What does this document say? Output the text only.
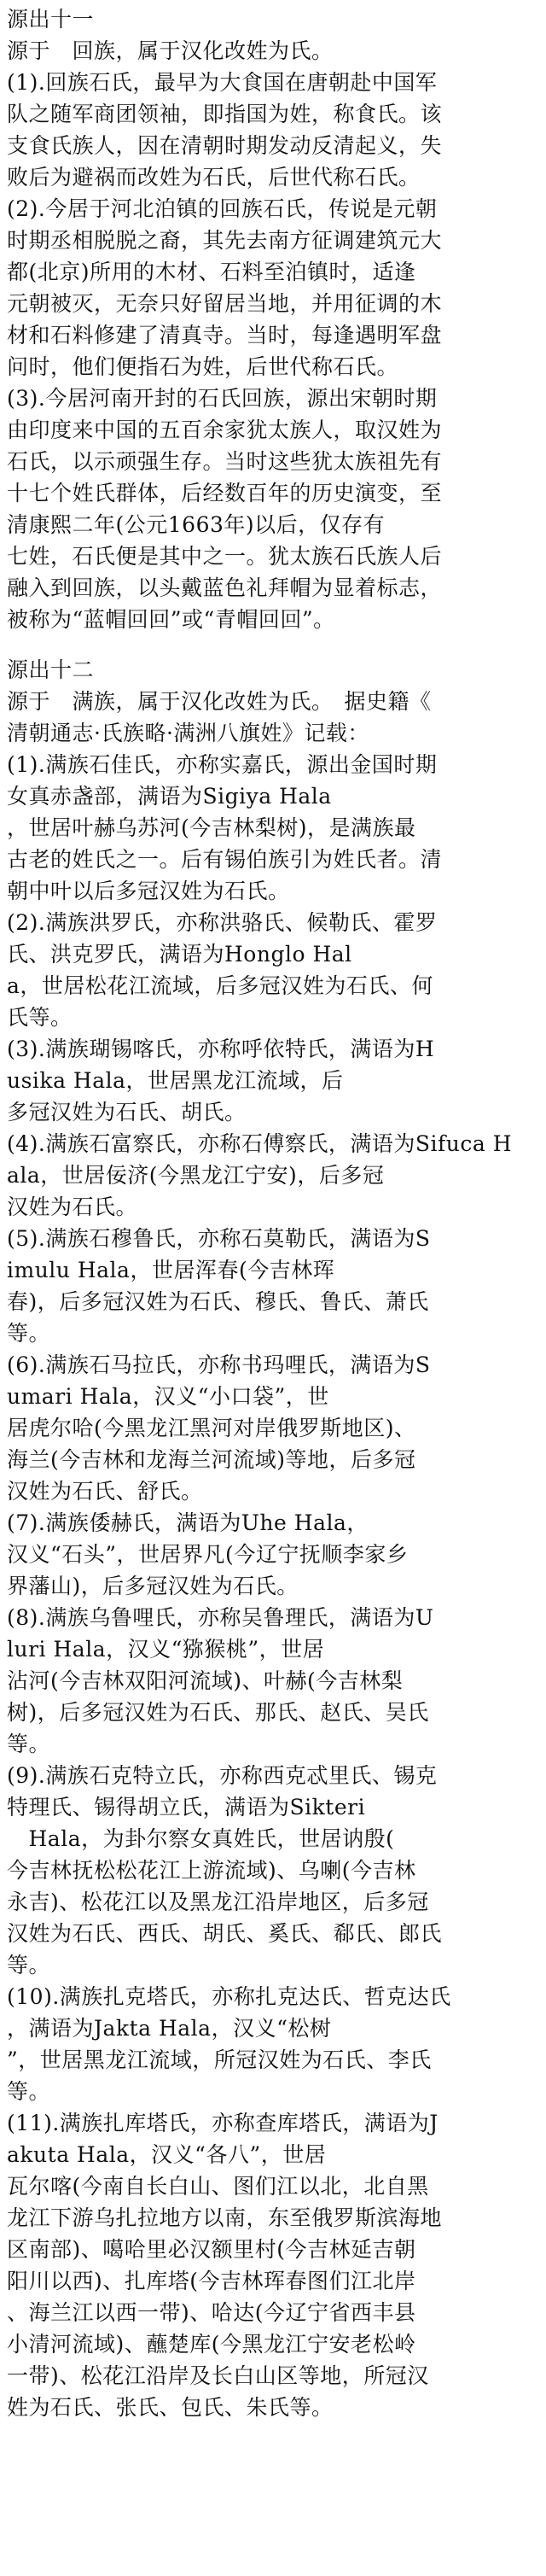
源出十一
源于　回族，属于汉化改姓为氏。
(1).回族石氏，最早为大食国在唐朝赴中国军
队之随军商团领袖，即指国为姓，称食氏。该
支食氏族人，因在清朝时期发动反清起义，失
败后为避祸而改姓为石氏，后世代称石氏。
(2).今居于河北泊镇的回族石氏，传说是元朝
时期丞相脱脱之裔，其先去南方征调建筑元大
都(北京)所用的木材、石料至泊镇时，适逢
元朝被灭，无奈只好留居当地，并用征调的木
材和石料修建了清真寺。当时，每逢遇明军盘
问时，他们便指石为姓，后世代称石氏。
(3).今居河南开封的石氏回族，源出宋朝时期
由印度来中国的五百余家犹太族人，取汉姓为
石氏，以示顽强生存。当时这些犹太族祖先有
十七个姓氏群体，后经数百年的历史演变，至
清康熙二年(公元1663年)以后，仅存有
七姓，石氏便是其中之一。犹太族石氏族人后
融入到回族，以头戴蓝色礼拜帽为显着标志，
被称为“蓝帽回回”或“青帽回回”。
源出十二
源于　满族，属于汉化改姓为氏。　据史籍《
清朝通志·氏族略·满洲八旗姓》记载：
(1).满族石佳氏，亦称实嘉氏，源出金国时期
女真赤盏部，满语为Sigiya Hala
，世居叶赫乌苏河(今吉林梨树)，是满族最
古老的姓氏之一。后有锡伯族引为姓氏者。清
朝中叶以后多冠汉姓为石氏。
(2).满族洪罗氏，亦称洪骆氏、候勒氏、霍罗
氏、洪克罗氏，满语为Honglo Hal
a，世居松花江流域，后多冠汉姓为石氏、何
氏等。
(3).满族瑚锡喀氏，亦称呼依特氏，满语为H
usika Hala，世居黑龙江流域，后
多冠汉姓为石氏、胡氏。
(4).满族石富察氏，亦称石傅察氏，满语为Sifuca H
ala，世居佞济(今黑龙江宁安)，后多冠
汉姓为石氏。
(5).满族石穆鲁氏，亦称石莫勒氏，满语为S
imulu Hala，世居浑春(今吉林珲
春)，后多冠汉姓为石氏、穆氏、鲁氏、萧氏
等。
(6).满族石马拉氏，亦称书玛哩氏，满语为S
umari Hala，汉义“小口袋”，世
居虎尔哈(今黑龙江黑河对岸俄罗斯地区)、
海兰(今吉林和龙海兰河流域)等地，后多冠
汉姓为石氏、舒氏。
(7).满族倭赫氏，满语为Uhe Hala，
汉义“石头”，世居界凡(今辽宁抚顺李家乡
界藩山)，后多冠汉姓为石氏。
(8).满族乌鲁哩氏，亦称吴鲁理氏，满语为U
luri Hala，汉义“猕猴桃”，世居
沾河(今吉林双阳河流域)、叶赫(今吉林梨
树)，后多冠汉姓为石氏、那氏、赵氏、吴氏
等。
(9).满族石克特立氏，亦称西克忒里氏、锡克
特理氏、锡得胡立氏，满语为Sikteri
　Hala，为卦尔察女真姓氏，世居讷殷(
今吉林抚松松花江上游流域)、乌喇(今吉林
永吉)、松花江以及黑龙江沿岸地区，后多冠
汉姓为石氏、西氏、胡氏、奚氏、郗氏、郎氏
等。
(10).满族扎克塔氏，亦称扎克达氏、哲克达氏
，满语为Jakta Hala，汉义“松树
”，世居黑龙江流域，所冠汉姓为石氏、李氏
等。
(11).满族扎库塔氏，亦称查库塔氏，满语为J
akuta Hala，汉义“各八”，世居
瓦尔喀(今南自长白山、图们江以北，北自黑
龙江下游乌扎拉地方以南，东至俄罗斯滨海地
区南部)、噶哈里必汉额里村(今吉林延吉朝
阳川以西)、扎库塔(今吉林珲春图们江北岸
、海兰江以西一带)、哈达(今辽宁省西丰县
小清河流域)、蘸楚库(今黑龙江宁安老松岭
一带)、松花江沿岸及长白山区等地，所冠汉
姓为石氏、张氏、包氏、朱氏等。
